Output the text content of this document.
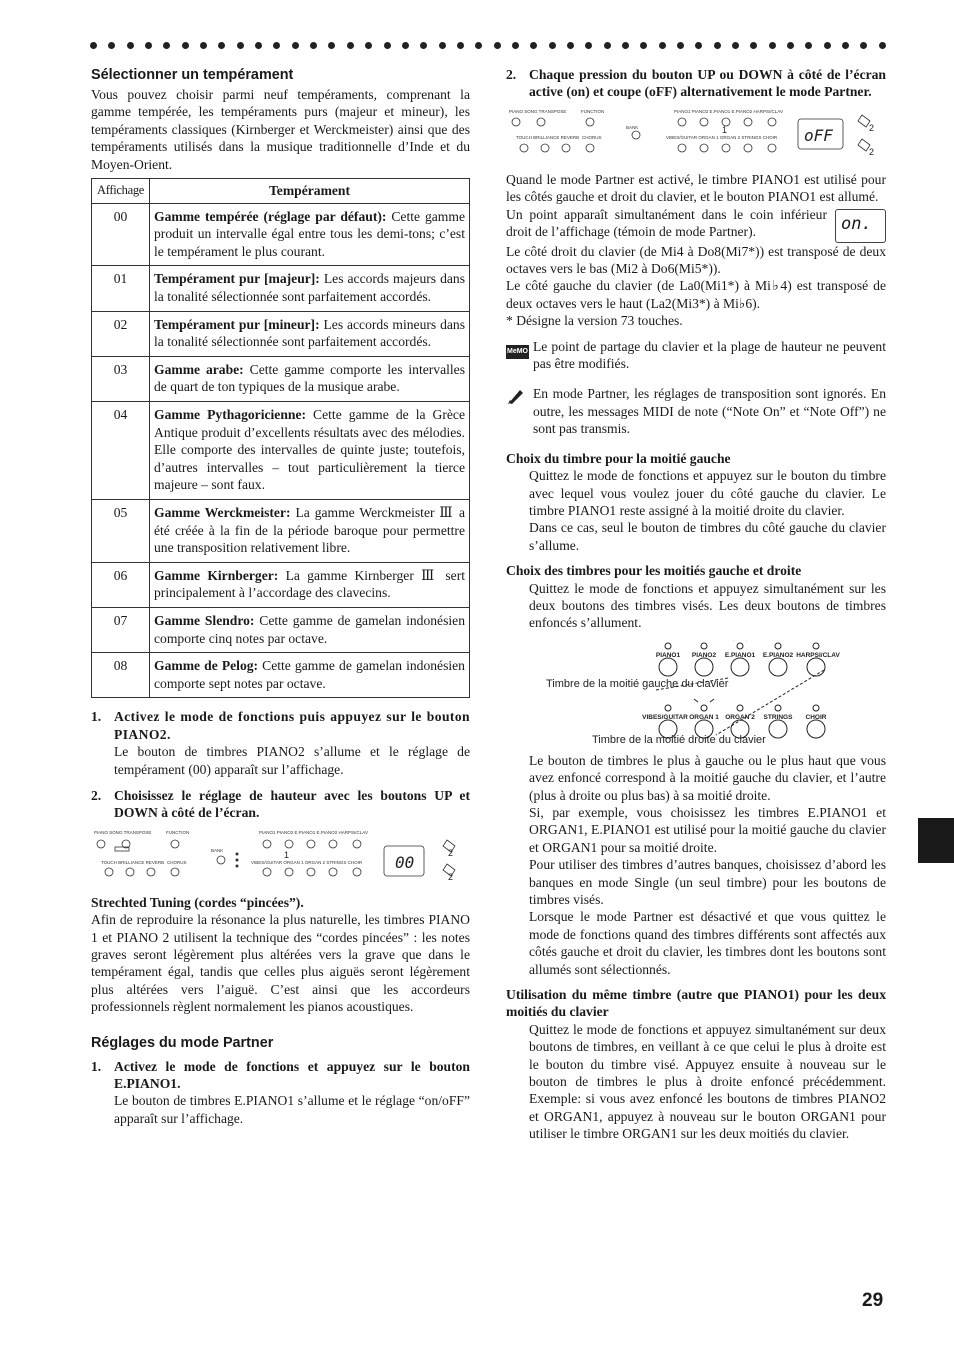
Sélectionner un tempérament

Vous pouvez choisir parmi neuf tempéraments, comprenant la gamme tempérée, les tempéraments purs (majeur et mineur), les tempéraments classiques (Kirnberger et Werckmeister) ainsi que des tempéraments utilisés dans la musique traditionnelle d’Inde et du Moyen-Orient.

Affichage	Tempérament
00	Gamme tempérée (réglage par défaut): Cette gamme produit un intervalle égal entre tous les demi-tons; c’est le tempérament le plus courant.
01	Tempérament pur [majeur]: Les accords majeurs dans la tonalité sélectionnée sont parfaitement accordés.
02	Tempérament pur [mineur]: Les accords mineurs dans la tonalité sélectionnée sont parfaitement accordés.
03	Gamme arabe: Cette gamme comporte les intervalles de quart de ton typiques de la musique arabe.
04	Gamme Pythagoricienne: Cette gamme de la Grèce Antique produit d’excellents résultats avec des mélodies. Elle comporte des intervalles de quinte juste; toutefois, d’autres intervalles – tout particulièrement la tierce majeure – sont faux.
05	Gamme Werckmeister: La gamme Werckmeister Ⅲ a été créée à la fin de la période baroque pour permettre une transposition relativement libre.
06	Gamme Kirnberger: La gamme Kirnberger Ⅲ sert principalement à l’accordage des clavecins.
07	Gamme Slendro: Cette gamme de gamelan indonésien comporte cinq notes par octave.
08	Gamme de Pelog: Cette gamme de gamelan indonésien comporte sept notes par octave.
1. Activez le mode de fonctions puis appuyez sur le bouton PIANO2.

Le bouton de timbres PIANO2 s’allume et le réglage de tempérament (00) apparaît sur l’affichage.

2. Choisissez le réglage de hauteur avec les boutons UP et DOWN à côté de l’écran.
PIANO SONG TRANSPOSE	FUNCTION
TOUCH BRILLIANCE REVERB CHORUS
BANK
PIANO1 PIANO2 E.PIANO1 E.PIANO2 HARPSI/CLAV
VIBES/GUITAR ORGAN 1 ORGAN 2 STRINGS CHOIR 00
1	2
2

Strechted Tuning (cordes “pincées”).

Afin de reproduire la résonance la plus naturelle, les timbres PIANO 1 et PIANO 2 utilisent la technique des “cordes pincées” : les notes graves seront légèrement plus altérées vers la grave que dans le tempérament égal, tandis que celles plus aiguës seront légèrement plus altérées vers l’aiguë. C’est ainsi que les accordeurs professionnels règlent normalement les pianos acoustiques.

Réglages du mode Partner
1. Activez le mode de fonctions et appuyez sur le bouton E.PIANO1.

Le bouton de timbres E.PIANO1 s’allume et le réglage “on/oFF” apparaît sur l’affichage.

2. Chaque pression du bouton UP ou DOWN à côté de l’écran active (on) et coupe (oFF) alternativement le mode Partner.
PIANO SONG TRANSPOSE	FUNCTION
TOUCH BRILLIANCE REVERB CHORUS
BANK
PIANO1 PIANO2 E.PIANO1 E.PIANO2 HARPSI/CLAV
VIBES/GUITAR ORGAN 1 ORGAN 2 STRINGS CHOIR oFF
1	2
2

Quand le mode Partner est activé, le timbre PIANO1 est utilisé pour les côtés gauche et droit du clavier, et le bouton PIANO1 est allumé.

Un point apparaît simultanément dans le coin inférieur droit de l’affichage (témoin de mode Partner).	on.

Le côté droit du clavier (de Mi4 à Do8(Mi7*)) est transposé de deux octaves vers le bas (Mi2 à Do6(Mi5*)).

Le côté gauche du clavier (de La0(Mi1*) à Mi♭4) est transposé de deux octaves vers le haut (La2(Mi3*) à Mi♭6).

* Désigne la version 73 touches.

MeMO Le point de partage du clavier et la plage de hauteur ne peuvent pas être modifiés.

En mode Partner, les réglages de transposition sont ignorés. En outre, les messages MIDI de note (“Note On” et “Note Off”) ne sont pas transmis.

Choix du timbre pour la moitié gauche

Quittez le mode de fonctions et appuyez sur le bouton du timbre avec lequel vous voulez jouer du côté gauche du clavier. Le timbre PIANO1 reste assigné à la moitié droite du clavier.

Dans ce cas, seul le bouton de timbres du côté gauche du clavier s’allume.

Choix des timbres pour les moitiés gauche et droite

Quittez le mode de fonctions et appuyez simultanément sur les deux boutons des timbres visés. Les deux boutons de timbres enfoncés s’allument.

PIANO1 PIANO2 E.PIANO1 E.PIANO2 HARPSI/CLAV
VIBES/GUITAR ORGAN 1 ORGAN 2 STRINGS CHOIR
Timbre de la moitié gauche du clavier
Timbre de la moitié droite du clavier

Le bouton de timbres le plus à gauche ou le plus haut que vous avez enfoncé correspond à la moitié gauche du clavier, et l’autre (plus à droite ou plus bas) à sa moitié droite.

Si, par exemple, vous choisissez les timbres E.PIANO1 et ORGAN1, E.PIANO1 est utilisé pour la moitié gauche du clavier et ORGAN1 pour sa moitié droite.

Pour utiliser des timbres d’autres banques, choisissez d’abord les banques en mode Single (un seul timbre) pour les boutons de timbres visés.

Lorsque le mode Partner est désactivé et que vous quittez le mode de fonctions quand des timbres différents sont affectés aux côtés gauche et droit du clavier, les timbres dont les boutons sont allumés sont sélectionnés.

Utilisation du même timbre (autre que PIANO1) pour les deux moitiés du clavier

Quittez le mode de fonctions et appuyez simultanément sur deux boutons de timbres, en veillant à ce que celui le plus à droite est le bouton du timbre visé. Appuyez ensuite à nouveau sur le bouton de timbres le plus à droite enfoncé précédemment. Exemple: si vous avez enfoncé les boutons de timbres PIANO2 et ORGAN1, appuyez à nouveau sur le bouton ORGAN1 pour utiliser le timbre ORGAN1 sur les deux moitiés du clavier.

29
